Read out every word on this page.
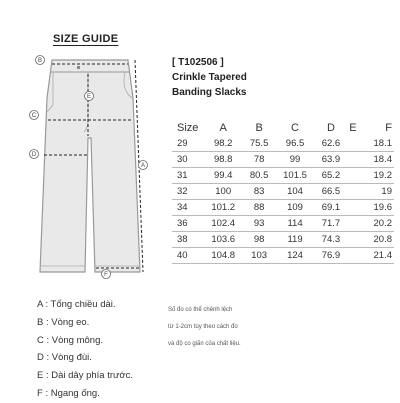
SIZE GUIDE
B
A
E
C
D
F
[ T102506 ]
Crinkle Tapered
Banding Slacks
Size	A	B	C	D	E	F
29	98.2	75.5	96.5	62.6		18.1
30	98.8	78	99	63.9		18.4
31	99.4	80.5	101.5	65.2		19.2
32	100	83	104	66.5		19
34	101.2	88	109	69.1		19.6
36	102.4	93	114	71.7		20.2
38	103.6	98	119	74.3		20.8
40	104.8	103	124	76.9		21.4
A : Tổng chiều dài.
B : Vòng eo.
C : Vòng mông.
D : Vòng đùi.
E : Dài dây phía trước.
F : Ngang ống.
Số đo có thể chênh lệch
từ 1-2cm tùy theo cách đo
và độ co giãn của chất liệu.
